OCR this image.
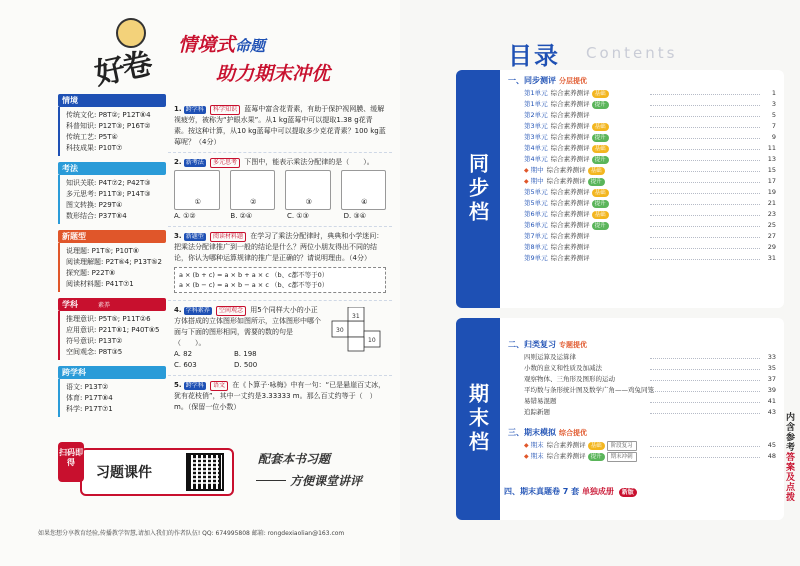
好卷
情境式命题
助力期末冲优
情境
传统文化: P8T②; P12T⑧4
科普知识: P12T③; P16T②
传统工艺: P5T④
科技成果: P10T⑦
考法
知识关联: P4T⑦2; P42T③
多元思考: P11T③; P14T③
图文转换: P29T④
数形结合: P37T⑧4
新题型
说理题: P1T⑤; P10T⑧
阅读理解题: P2T⑥4; P13T⑤2
探究题: P22T⑧
阅读材料题: P41T⑦1
学科	素养
推理意识: P5T⑤; P11T②6
应用意识: P21T⑧1; P40T⑧5
符号意识: P13T②
空间观念: P8T③5
跨学科
语文: P13T②
体育: P17T⑧4
科学: P17T⑦1
1. 跨学科 科学知识 蓝莓中富含花青素，有助于保护视网膜、缓解视疲劳，被称为“护眼水果”。从1 kg蓝莓中可以提取1.38 g花青素。按这种计算，从10 kg蓝莓中可以提取多少克花青素？100 kg蓝莓呢？（4分）
2. 新考法 多元思考 下图中，能表示乘法分配律的是（　　）。
①	②	③	④
A. ①②	B. ②④	C. ①③	D. ③④
3. 新题型 阅读材料题 在学习了乘法分配律时，典典和小学迷问：把乘法分配律推广到一般的结论是什么？两位小朋友得出不同的结论，你认为哪种运算规律的推广是正确的？请说明理由。（4分）
a × (b + c) = a × b + a × c （b、c都不等于0）
a × (b − c) = a × b − a × c （b、c都不等于0）
4. 学科素养 空间观念 用5个同样大小的小正方体搭成的立体图形如图所示，立体图形中哪个面与下面的图形相同，需要的数的句是（　　）。
A. 82	B. 198
C. 603	D. 500
31
30
10
5. 跨学科 语文 在《卜算子·咏梅》中有一句：“已是悬崖百丈冰，犹有花枝俏”，其中一丈约是3.33333 m。那么百丈约等于（　）m。（保留一位小数）
习题课件
扫码即得	配套本书习题
方便课堂讲评
如果您想分享教育经验,传播教学智慧,请加入我们的作者队伍! QQ: 674995808 邮箱: rongdexiaolian@163.com
目录 Contents
同步档
期末档
一、同步测评 分层提优
第1单元 综合素养测评 基础	1
第1单元 综合素养测评 提升	3
第2单元 综合素养测评	5
第3单元 综合素养测评 基础	7
第3单元 综合素养测评 提升	9
第4单元 综合素养测评 基础	11
第4单元 综合素养测评 提升	13
◆ 期中 综合素养测评 基础	15
◆ 期中 综合素养测评 提升	17
第5单元 综合素养测评 基础	19
第5单元 综合素养测评 提升	21
第6单元 综合素养测评 基础	23
第6单元 综合素养测评 提升	25
第7单元 综合素养测评	27
第8单元 综合素养测评	29
第9单元 综合素养测评	31
二、归类复习 专题提优
四则运算及运算律	33
小数的意义和性质及加减法	35
观察物体、三角形及图形的运动	37
平均数与条形统计图及数学广角——鸡兔同笼	39
易错易混题	41
追踪新题	43
三、期末模拟 综合提优
◆ 期末 综合素养测评 基础 阶段复习	45
◆ 期末 综合素养测评 提升 期末冲刺	48
四、期末真题卷 7 套 单独成册 新版
内含参考答案及点拨
